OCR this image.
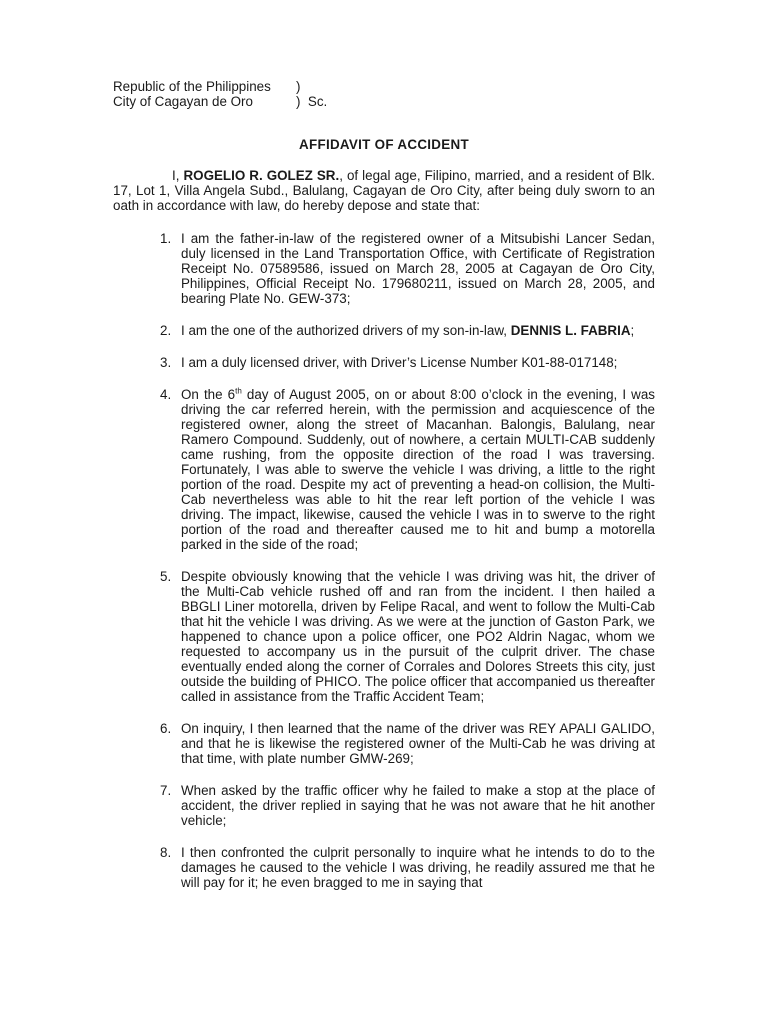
Republic of the Philippines )
City of Cagayan de Oro	)  Sc.
AFFIDAVIT OF ACCIDENT

I, ROGELIO R. GOLEZ SR., of legal age, Filipino, married, and a resident of Blk. 17, Lot 1, Villa Angela Subd., Balulang, Cagayan de Oro City, after being duly sworn to an oath in accordance with law, do hereby depose and state that:

1. I am the father-in-law of the registered owner of a Mitsubishi Lancer Sedan, duly licensed in the Land Transportation Office, with Certificate of Registration Receipt No. 07589586, issued on March 28, 2005 at Cagayan de Oro City, Philippines, Official Receipt No. 179680211, issued on March 28, 2005, and bearing Plate No. GEW-373;
2. I am the one of the authorized drivers of my son-in-law, DENNIS L. FABRIA;
3. I am a duly licensed driver, with Driver’s License Number K01-88-017148;
4. On the 6th day of August 2005, on or about 8:00 o’clock in the evening, I was driving the car referred herein, with the permission and acquiescence of the registered owner, along the street of Macanhan. Balongis, Balulang, near Ramero Compound. Suddenly, out of nowhere, a certain MULTI-CAB suddenly came rushing, from the opposite direction of the road I was traversing. Fortunately, I was able to swerve the vehicle I was driving, a little to the right portion of the road. Despite my act of preventing a head-on collision, the Multi-Cab nevertheless was able to hit the rear left portion of the vehicle I was driving. The impact, likewise, caused the vehicle I was in to swerve to the right portion of the road and thereafter caused me to hit and bump a motorella parked in the side of the road;
5. Despite obviously knowing that the vehicle I was driving was hit, the driver of the Multi-Cab vehicle rushed off and ran from the incident. I then hailed a BBGLI Liner motorella, driven by Felipe Racal, and went to follow the Multi-Cab that hit the vehicle I was driving. As we were at the junction of Gaston Park, we happened to chance upon a police officer, one PO2 Aldrin Nagac, whom we requested to accompany us in the pursuit of the culprit driver. The chase eventually ended along the corner of Corrales and Dolores Streets this city, just outside the building of PHICO. The police officer that accompanied us thereafter called in assistance from the Traffic Accident Team;
6. On inquiry, I then learned that the name of the driver was REY APALI GALIDO, and that he is likewise the registered owner of the Multi-Cab he was driving at that time, with plate number GMW-269;
7. When asked by the traffic officer why he failed to make a stop at the place of accident, the driver replied in saying that he was not aware that he hit another vehicle;
8. I then confronted the culprit personally to inquire what he intends to do to the damages he caused to the vehicle I was driving, he readily assured me that he will pay for it; he even bragged to me in saying that
